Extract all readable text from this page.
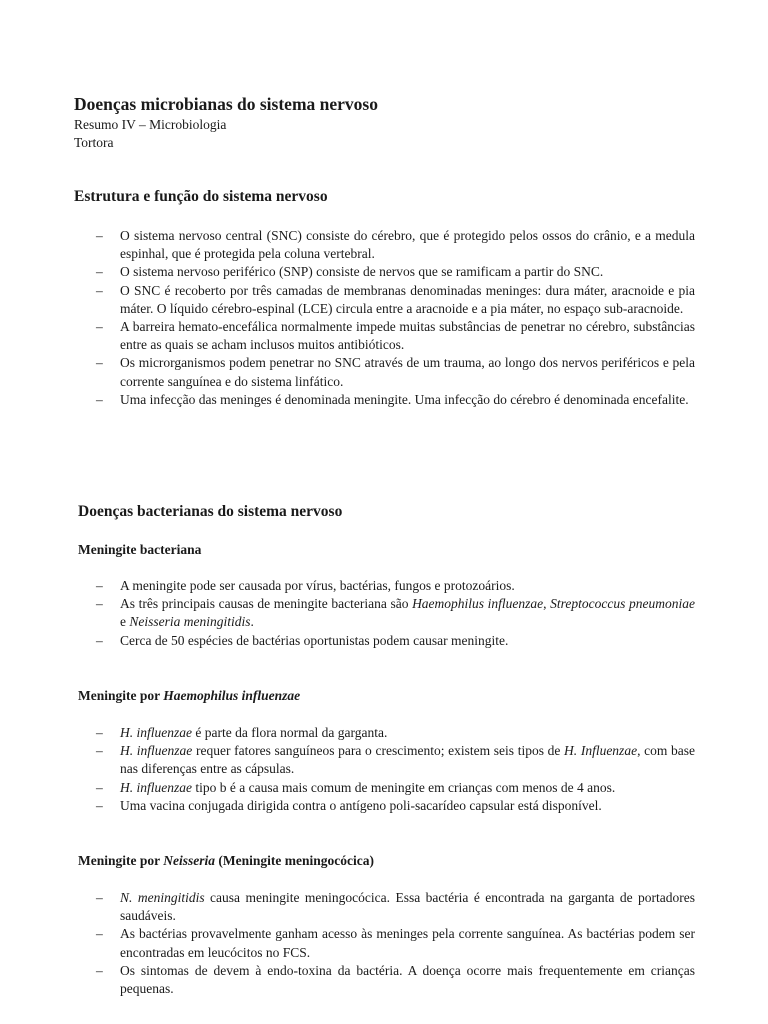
Doenças microbianas do sistema nervoso
Resumo IV – Microbiologia
Tortora
Estrutura e função do sistema nervoso
– O sistema nervoso central (SNC) consiste do cérebro, que é protegido pelos ossos do crânio, e a medula espinhal, que é protegida pela coluna vertebral.
– O sistema nervoso periférico (SNP) consiste de nervos que se ramificam a partir do SNC.
– O SNC é recoberto por três camadas de membranas denominadas meninges: dura máter, aracnoide e pia máter. O líquido cérebro-espinal (LCE) circula entre a aracnoide e a pia máter, no espaço sub-aracnoide.
– A barreira hemato-encefálica normalmente impede muitas substâncias de penetrar no cérebro, substâncias entre as quais se acham inclusos muitos antibióticos.
– Os microrganismos podem penetrar no SNC através de um trauma, ao longo dos nervos periféricos e pela corrente sanguínea e do sistema linfático.
– Uma infecção das meninges é denominada meningite. Uma infecção do cérebro é denominada encefalite.
Doenças bacterianas do sistema nervoso
Meningite bacteriana
– A meningite pode ser causada por vírus, bactérias, fungos e protozoários.
– As três principais causas de meningite bacteriana são Haemophilus influenzae, Streptococcus pneumoniae e Neisseria meningitidis.
– Cerca de 50 espécies de bactérias oportunistas podem causar meningite.
Meningite por Haemophilus influenzae
– H. influenzae é parte da flora normal da garganta.
– H. influenzae requer fatores sanguíneos para o crescimento; existem seis tipos de H. Influenzae, com base nas diferenças entre as cápsulas.
– H. influenzae tipo b é a causa mais comum de meningite em crianças com menos de 4 anos.
– Uma vacina conjugada dirigida contra o antígeno poli-sacarídeo capsular está disponível.
Meningite por Neisseria (Meningite meningocócica)
– N. meningitidis causa meningite meningocócica. Essa bactéria é encontrada na garganta de portadores saudáveis.
– As bactérias provavelmente ganham acesso às meninges pela corrente sanguínea. As bactérias podem ser encontradas em leucócitos no FCS.
– Os sintomas de devem à endo-toxina da bactéria. A doença ocorre mais frequentemente em crianças pequenas.
